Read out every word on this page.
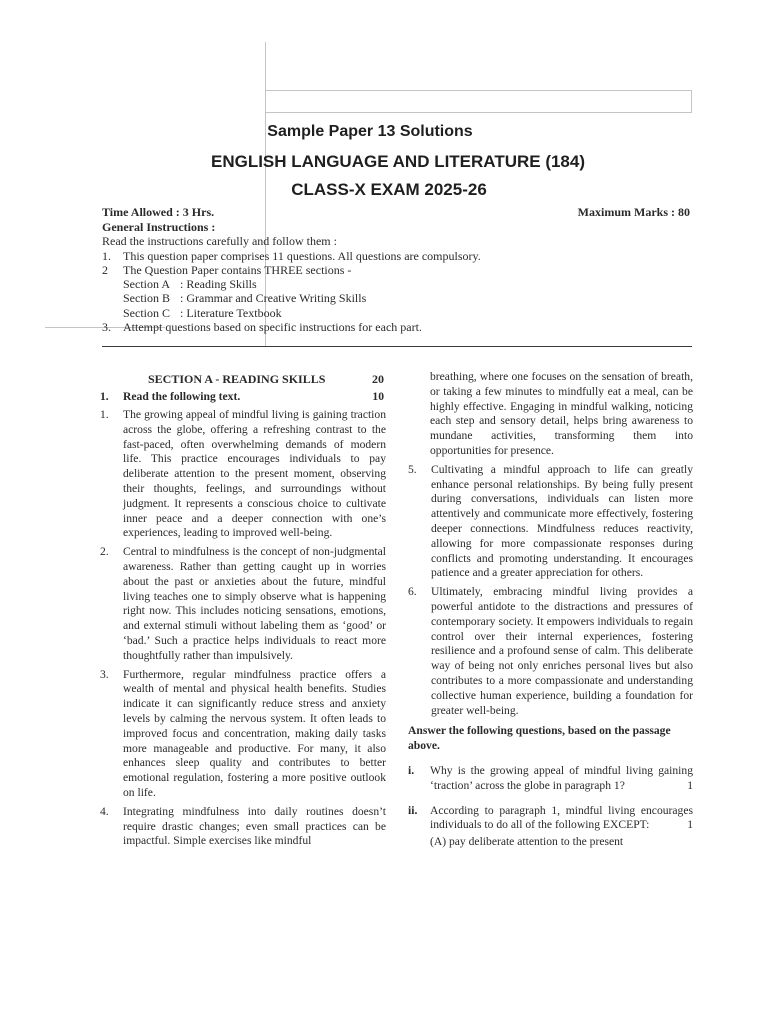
Sample Paper 13 Solutions
ENGLISH LANGUAGE AND LITERATURE (184)
CLASS-X EXAM 2025-26
Time Allowed : 3 Hrs.	Maximum Marks : 80
General Instructions :
Read the instructions carefully and follow them :
1. This question paper comprises 11 questions. All questions are compulsory.
2 The Question Paper contains THREE sections -
Section A : Reading Skills
Section B : Grammar and Creative Writing Skills
Section C : Literature Textbook
3. Attempt questions based on specific instructions for each part.
SECTION A - READING SKILLS	20
1. Read the following text.	10
1. The growing appeal of mindful living is gaining traction across the globe, offering a refreshing contrast to the fast-paced, often overwhelming demands of modern life. This practice encourages individuals to pay deliberate attention to the present moment, observing their thoughts, feelings, and surroundings without judgment. It represents a conscious choice to cultivate inner peace and a deeper connection with one’s experiences, leading to improved well-being.
2. Central to mindfulness is the concept of non-judgmental awareness. Rather than getting caught up in worries about the past or anxieties about the future, mindful living teaches one to simply observe what is happening right now. This includes noticing sensations, emotions, and external stimuli without labeling them as ‘good’ or ‘bad.’ Such a practice helps individuals to react more thoughtfully rather than impulsively.
3. Furthermore, regular mindfulness practice offers a wealth of mental and physical health benefits. Studies indicate it can significantly reduce stress and anxiety levels by calming the nervous system. It often leads to improved focus and concentration, making daily tasks more manageable and productive. For many, it also enhances sleep quality and contributes to better emotional regulation, fostering a more positive outlook on life.
4. Integrating mindfulness into daily routines doesn’t require drastic changes; even small practices can be impactful. Simple exercises like mindful
breathing, where one focuses on the sensation of breath, or taking a few minutes to mindfully eat a meal, can be highly effective. Engaging in mindful walking, noticing each step and sensory detail, helps bring awareness to mundane activities, transforming them into opportunities for presence.
5. Cultivating a mindful approach to life can greatly enhance personal relationships. By being fully present during conversations, individuals can listen more attentively and communicate more effectively, fostering deeper connections. Mindfulness reduces reactivity, allowing for more compassionate responses during conflicts and promoting understanding. It encourages patience and a greater appreciation for others.
6. Ultimately, embracing mindful living provides a powerful antidote to the distractions and pressures of contemporary society. It empowers individuals to regain control over their internal experiences, fostering resilience and a profound sense of calm. This deliberate way of being not only enriches personal lives but also contributes to a more compassionate and understanding collective human experience, building a foundation for greater well-being.
Answer the following questions, based on the passage above.
i. Why is the growing appeal of mindful living gaining ‘traction’ across the globe in paragraph 1?	1
ii. According to paragraph 1, mindful living encourages individuals to do all of the following EXCEPT:	1
(A) pay deliberate attention to the present
